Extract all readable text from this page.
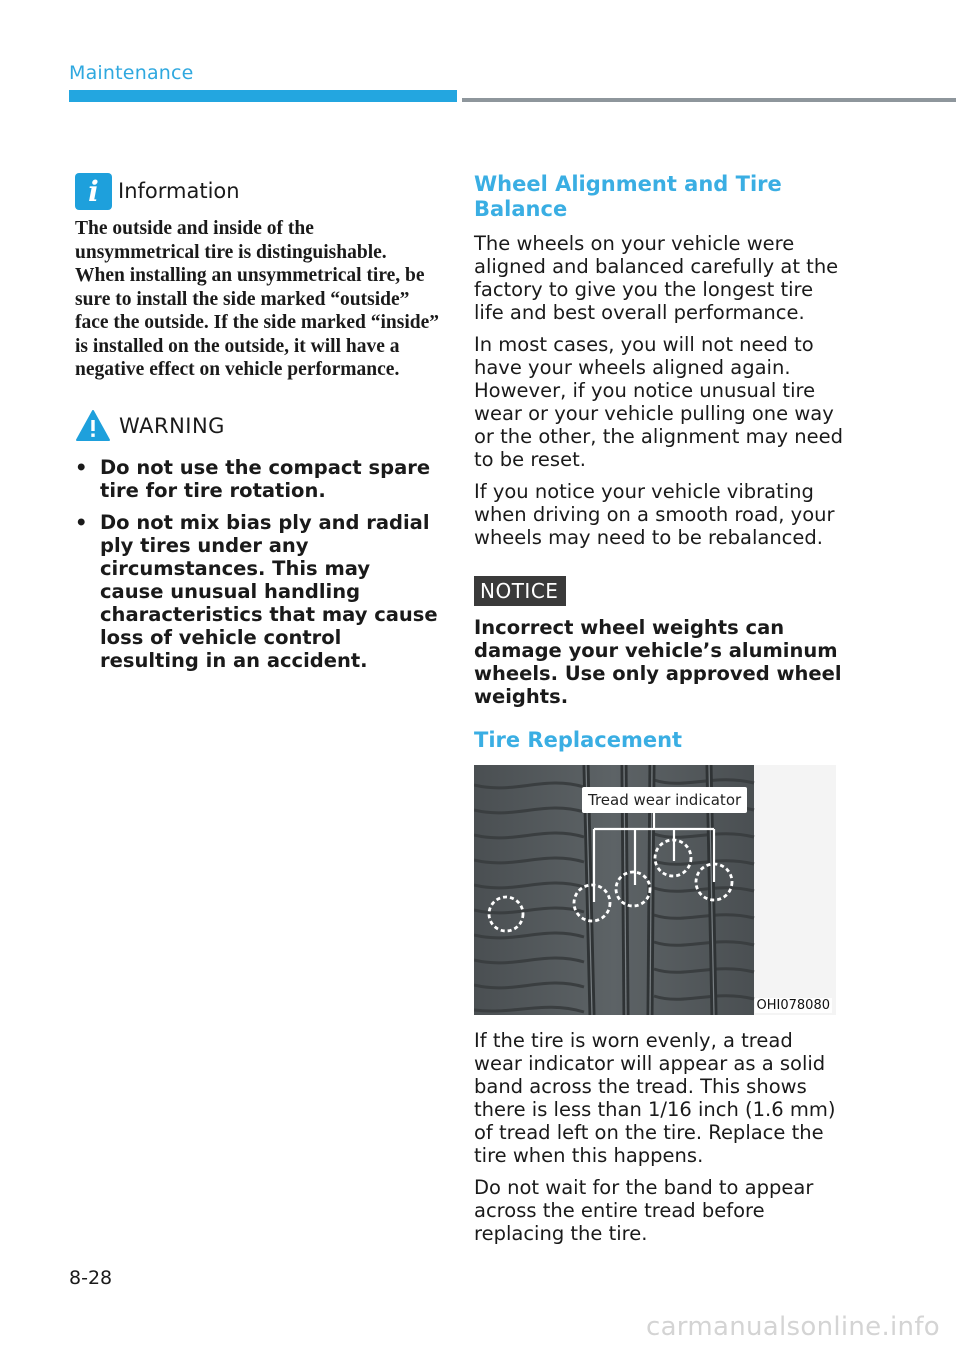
Maintenance
i Information
The outside and inside of the unsymmetrical tire is distinguishable. When installing an unsymmetrical tire, be sure to install the side marked “outside” face the outside. If the side marked “inside” is installed on the outside, it will have a negative effect on vehicle performance.
WARNING
• Do not use the compact spare tire for tire rotation.
• Do not mix bias ply and radial ply tires under any circumstances. This may cause unusual handling characteristics that may cause loss of vehicle control resulting in an accident.
Wheel Alignment and Tire Balance

The wheels on your vehicle were aligned and balanced carefully at the factory to give you the longest tire life and best overall performance.

In most cases, you will not need to have your wheels aligned again. However, if you notice unusual tire wear or your vehicle pulling one way or the other, the alignment may need to be reset.

If you notice your vehicle vibrating when driving on a smooth road, your wheels may need to be rebalanced.

NOTICE
Incorrect wheel weights can damage your vehicle’s aluminum wheels. Use only approved wheel weights.
Tire Replacement
Tread wear indicator
OHI078080

If the tire is worn evenly, a tread wear indicator will appear as a solid band across the tread. This shows there is less than 1/16 inch (1.6 mm) of tread left on the tire. Replace the tire when this happens.

Do not wait for the band to appear across the entire tread before replacing the tire.

8-28
carmanualsonline.info
